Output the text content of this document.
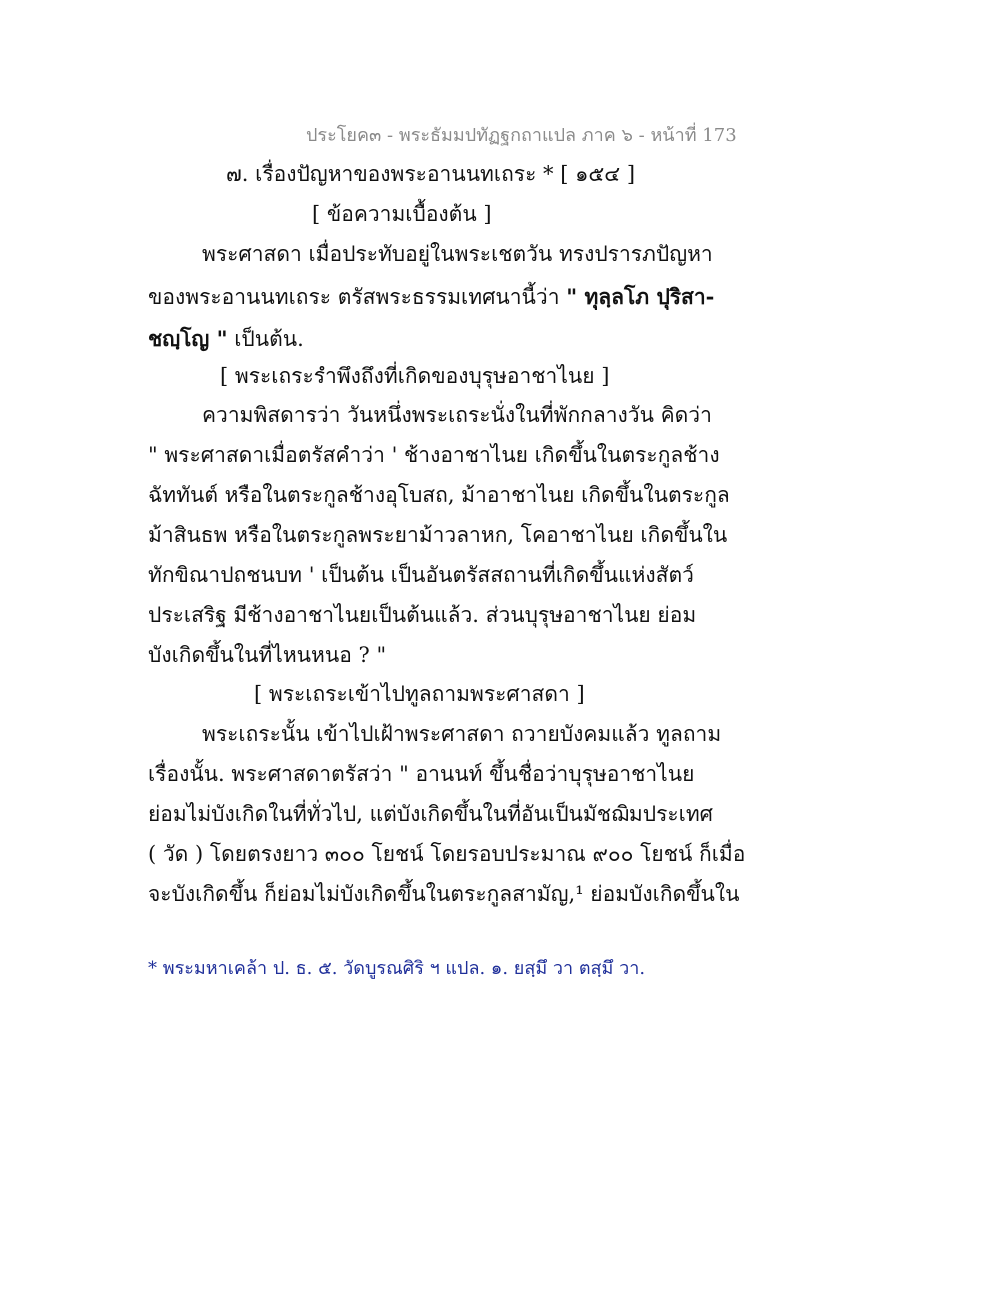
ประโยค๓ - พระธัมมปทัฏฐกถาแปล ภาค ๖ - หน้าที่ 173
๗. เรื่องปัญหาของพระอานนทเถระ * [ ๑๕๔ ]
[ ข้อความเบื้องต้น ]
พระศาสดา เมื่อประทับอยู่ในพระเชตวัน ทรงปรารภปัญหา
ของพระอานนทเถระ ตรัสพระธรรมเทศนานี้ว่า " ทุลฺลโภ ปุริสา-
ชญฺโญ " เป็นต้น.
[ พระเถระรำพึงถึงที่เกิดของบุรุษอาชาไนย ]
ความพิสดารว่า วันหนึ่งพระเถระนั่งในที่พักกลางวัน คิดว่า
" พระศาสดาเมื่อตรัสคำว่า ' ช้างอาชาไนย เกิดขึ้นในตระกูลช้าง
ฉัททันต์ หรือในตระกูลช้างอุโบสถ, ม้าอาชาไนย เกิดขึ้นในตระกูล
ม้าสินธพ หรือในตระกูลพระยาม้าวลาหก, โคอาชาไนย เกิดขึ้นใน
ทักขิณาปถชนบท ' เป็นต้น เป็นอันตรัสสถานที่เกิดขึ้นแห่งสัตว์
ประเสริฐ มีช้างอาชาไนยเป็นต้นแล้ว. ส่วนบุรุษอาชาไนย ย่อม
บังเกิดขึ้นในที่ไหนหนอ ? "
[ พระเถระเข้าไปทูลถามพระศาสดา ]
พระเถระนั้น เข้าไปเฝ้าพระศาสดา ถวายบังคมแล้ว ทูลถาม
เรื่องนั้น. พระศาสดาตรัสว่า " อานนท์ ขึ้นชื่อว่าบุรุษอาชาไนย
ย่อมไม่บังเกิดในที่ทั่วไป, แต่บังเกิดขึ้นในที่อันเป็นมัชฌิมประเทศ
( วัด ) โดยตรงยาว ๓๐๐ โยชน์ โดยรอบประมาณ ๙๐๐ โยชน์ ก็เมื่อ
จะบังเกิดขึ้น ก็ย่อมไม่บังเกิดขึ้นในตระกูลสามัญ,¹ ย่อมบังเกิดขึ้นใน
* พระมหาเคล้า ป. ธ. ๕. วัดบูรณศิริ ฯ แปล. ๑. ยสฺมึ วา ตสฺมึ วา.
